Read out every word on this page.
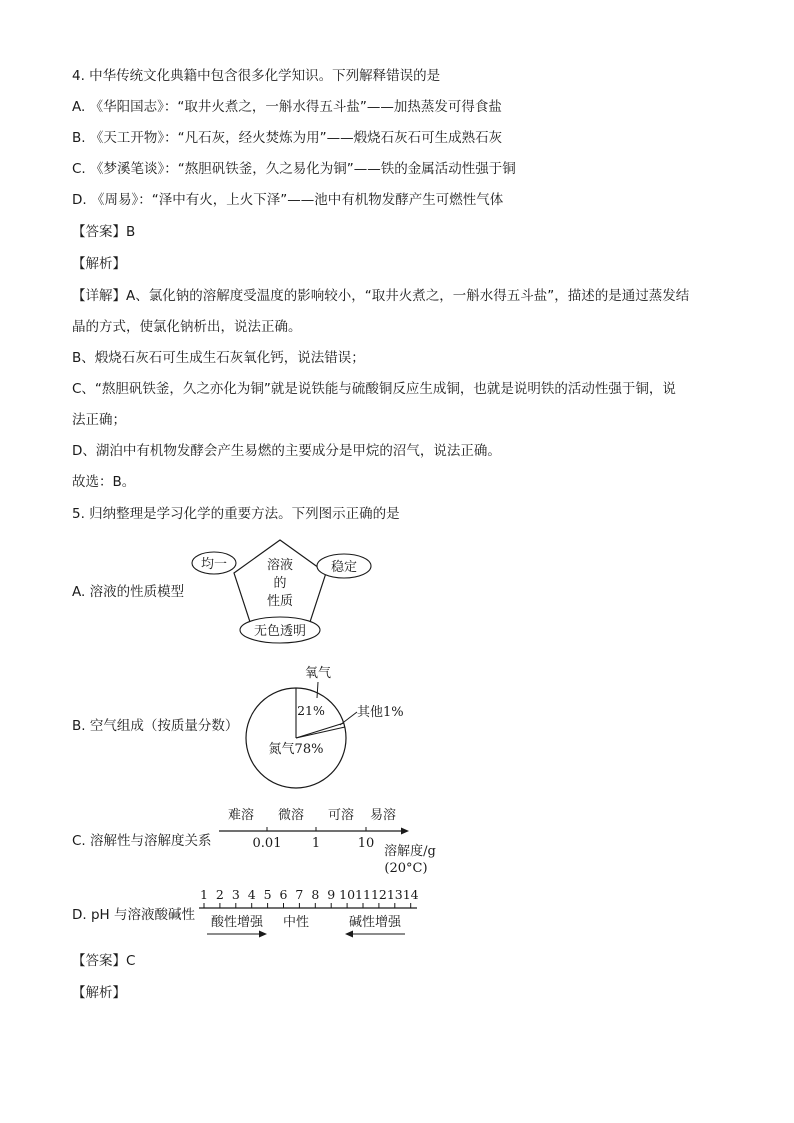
4. 中华传统文化典籍中包含很多化学知识。下列解释错误的是
A. 《华阳国志》：“取井火煮之，一斛水得五斗盐”——加热蒸发可得食盐
B. 《天工开物》：“凡石灰，经火焚炼为用”——煅烧石灰石可生成熟石灰
C. 《梦溪笔谈》：“熬胆矾铁釜，久之易化为铜”——铁的金属活动性强于铜
D. 《周易》：“泽中有火，上火下泽”——池中有机物发酵产生可燃性气体
【答案】B
【解析】
【详解】A、氯化钠的溶解度受温度的影响较小，“取井火煮之，一斛水得五斗盐”，描述的是通过蒸发结
晶的方式，使氯化钠析出，说法正确。
B、煅烧石灰石可生成生石灰氧化钙，说法错误；
C、“熬胆矾铁釜，久之亦化为铜”就是说铁能与硫酸铜反应生成铜，也就是说明铁的活动性强于铜，说
法正确；
D、湖泊中有机物发酵会产生易燃的主要成分是甲烷的沼气，说法正确。
故选：B。
5. 归纳整理是学习化学的重要方法。下列图示正确的是
A. 溶液的性质模型
溶液
的
性质
均一	稳定
无色透明
B. 空气组成（按质量分数）
氧气
21% 其他1%
氮气78%
C. 溶解性与溶解度关系
难溶 微溶 可溶 易溶
0.01 1	10
溶解度/g
(20°C)
D. pH 与溶液酸碱性
1 2 3 4 5 6 7 8 9 10 11 12 13 14
酸性增强 中性	碱性增强
【答案】C
【解析】
